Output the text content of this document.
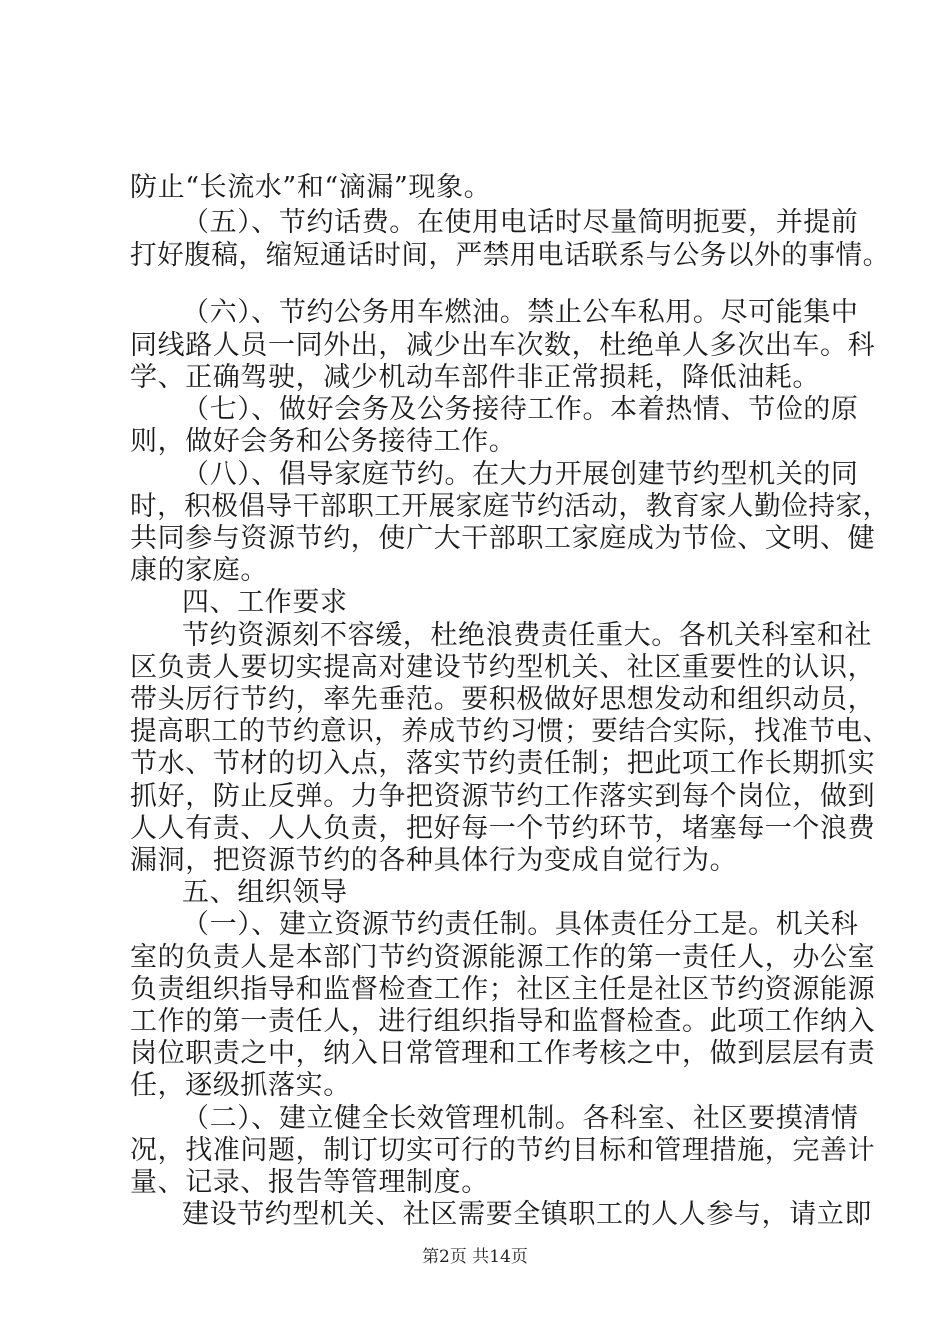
防止“长流水”和“滴漏”现象。
（五）、节约话费。在使用电话时尽量简明扼要，并提前
打好腹稿，缩短通话时间，严禁用电话联系与公务以外的事情。
（六）、节约公务用车燃油。禁止公车私用。尽可能集中
同线路人员一同外出，减少出车次数，杜绝单人多次出车。科
学、正确驾驶，减少机动车部件非正常损耗，降低油耗。
（七）、做好会务及公务接待工作。本着热情、节俭的原
则，做好会务和公务接待工作。
（八）、倡导家庭节约。在大力开展创建节约型机关的同
时，积极倡导干部职工开展家庭节约活动，教育家人勤俭持家，
共同参与资源节约，使广大干部职工家庭成为节俭、文明、健
康的家庭。
四、工作要求
节约资源刻不容缓，杜绝浪费责任重大。各机关科室和社
区负责人要切实提高对建设节约型机关、社区重要性的认识，
带头厉行节约，率先垂范。要积极做好思想发动和组织动员，
提高职工的节约意识，养成节约习惯；要结合实际，找准节电、
节水、节材的切入点，落实节约责任制；把此项工作长期抓实
抓好，防止反弹。力争把资源节约工作落实到每个岗位，做到
人人有责、人人负责，把好每一个节约环节，堵塞每一个浪费
漏洞，把资源节约的各种具体行为变成自觉行为。
五、组织领导
（一）、建立资源节约责任制。具体责任分工是。机关科
室的负责人是本部门节约资源能源工作的第一责任人，办公室
负责组织指导和监督检查工作；社区主任是社区节约资源能源
工作的第一责任人，进行组织指导和监督检查。此项工作纳入
岗位职责之中，纳入日常管理和工作考核之中，做到层层有责
任，逐级抓落实。
（二）、建立健全长效管理机制。各科室、社区要摸清情
况，找准问题，制订切实可行的节约目标和管理措施，完善计
量、记录、报告等管理制度。
建设节约型机关、社区需要全镇职工的人人参与，请立即
第2页 共14页
